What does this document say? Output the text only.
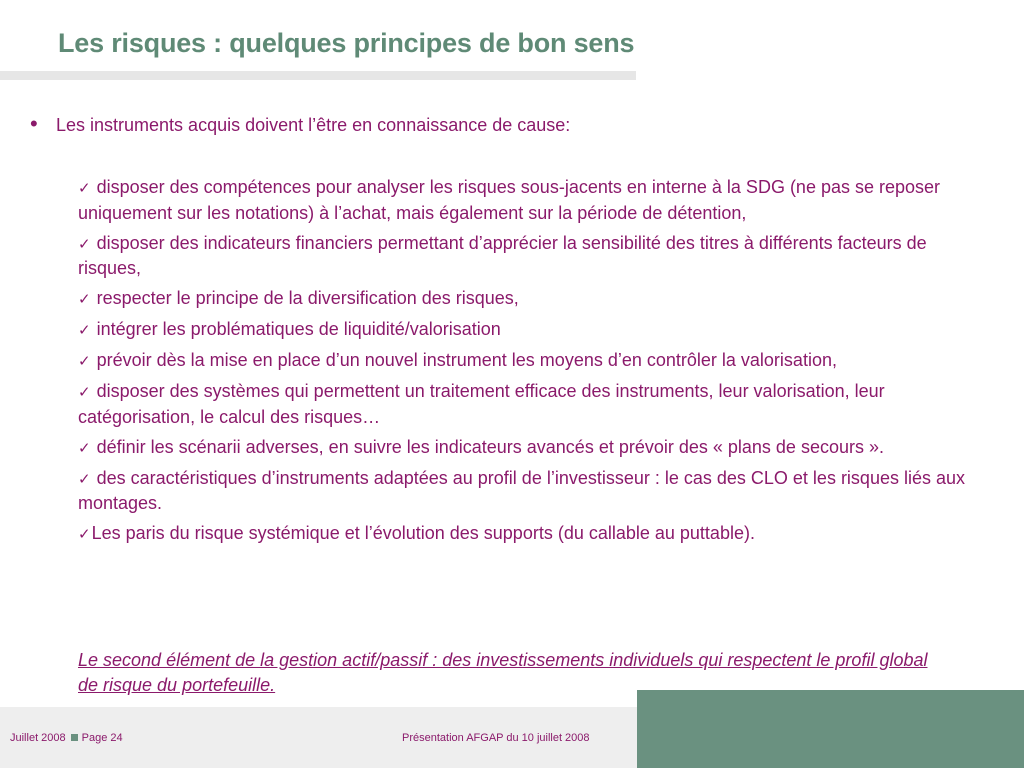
Les risques : quelques principes de bon sens
• Les instruments acquis doivent l’être en connaissance de cause:
✓ disposer des compétences pour analyser les risques sous-jacents en interne à la SDG (ne pas se reposer uniquement sur les notations) à l’achat, mais également sur la période de détention,
✓ disposer des indicateurs financiers permettant d’apprécier la sensibilité des titres à différents facteurs de risques,
✓ respecter le principe de la diversification des risques,
✓ intégrer les problématiques de liquidité/valorisation
✓ prévoir dès la mise en place d’un nouvel instrument les moyens d’en contrôler la valorisation,
✓ disposer des systèmes qui permettent un traitement efficace des instruments, leur valorisation, leur catégorisation, le calcul des risques…
✓ définir les scénarii adverses, en suivre les indicateurs avancés et prévoir des « plans de secours ».
✓ des caractéristiques d’instruments adaptées au profil de l’investisseur : le cas des CLO et les risques liés aux montages.
✓Les paris du risque systémique et l’évolution des supports (du callable au puttable).
Le second élément de la gestion actif/passif : des investissements individuels qui respectent le profil global de risque du portefeuille.
Juillet 2008 Page 24	Présentation AFGAP du 10 juillet 2008
